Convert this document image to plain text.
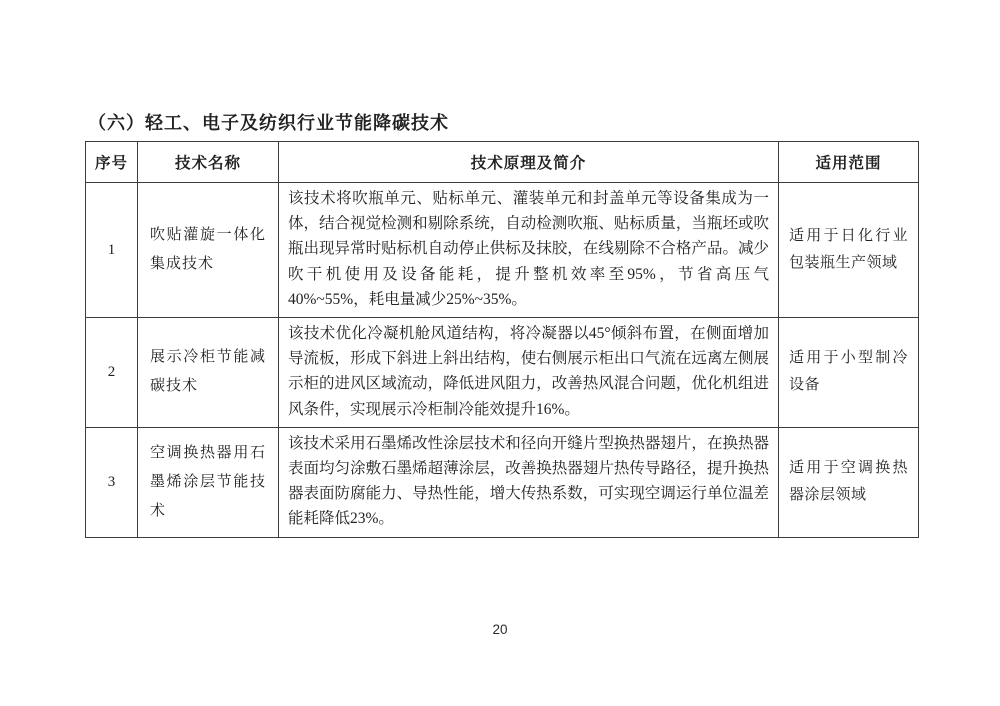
（六）轻工、电子及纺织行业节能降碳技术
序号	技术名称	技术原理及简介	适用范围
1	吹贴灌旋一体化集成技术	该技术将吹瓶单元、贴标单元、灌装单元和封盖单元等设备集成为一体，结合视觉检测和剔除系统，自动检测吹瓶、贴标质量，当瓶坯或吹瓶出现异常时贴标机自动停止供标及抹胶，在线剔除不合格产品。减少吹干机使用及设备能耗，提升整机效率至95%，节省高压气40%~55%，耗电量减少25%~35%。	适用于日化行业包装瓶生产领域
2	展示冷柜节能减碳技术	该技术优化冷凝机舱风道结构，将冷凝器以45°倾斜布置，在侧面增加导流板，形成下斜进上斜出结构，使右侧展示柜出口气流在远离左侧展示柜的进风区域流动，降低进风阻力，改善热风混合问题，优化机组进风条件，实现展示冷柜制冷能效提升16%。	适用于小型制冷设备
3	空调换热器用石墨烯涂层节能技术	该技术采用石墨烯改性涂层技术和径向开缝片型换热器翅片，在换热器表面均匀涂敷石墨烯超薄涂层，改善换热器翅片热传导路径，提升换热器表面防腐能力、导热性能，增大传热系数，可实现空调运行单位温差能耗降低23%。	适用于空调换热器涂层领域
20
